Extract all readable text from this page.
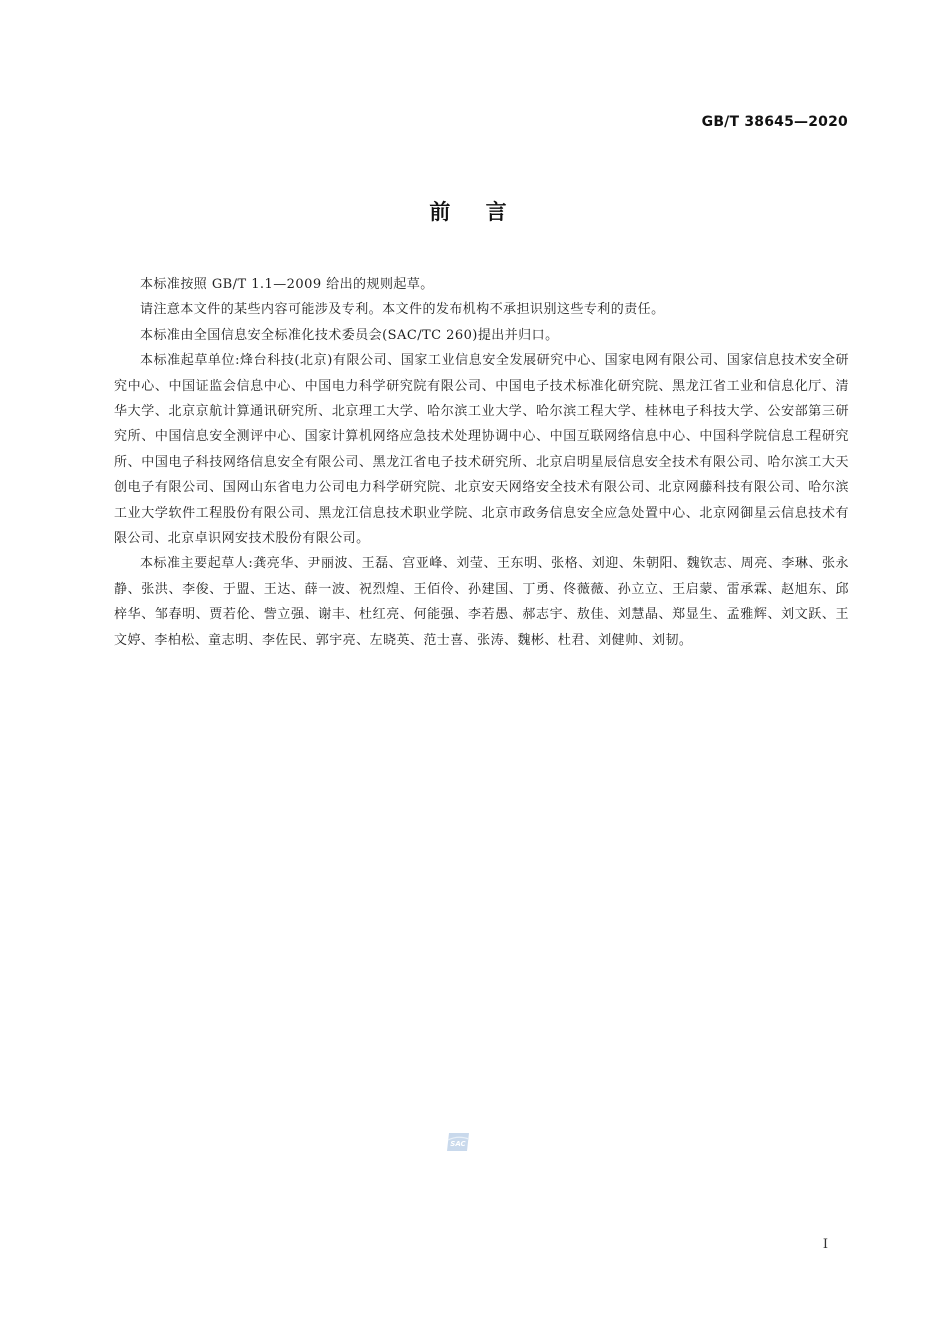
GB/T 38645—2020
前 言

本标准按照 GB/T 1.1—2009 给出的规则起草。

请注意本文件的某些内容可能涉及专利。本文件的发布机构不承担识别这些专利的责任。

本标准由全国信息安全标准化技术委员会(SAC/TC 260)提出并归口。

本标准起草单位:烽台科技(北京)有限公司、国家工业信息安全发展研究中心、国家电网有限公司、国家信息技术安全研究中心、中国证监会信息中心、中国电力科学研究院有限公司、中国电子技术标准化研究院、黑龙江省工业和信息化厅、清华大学、北京京航计算通讯研究所、北京理工大学、哈尔滨工业大学、哈尔滨工程大学、桂林电子科技大学、公安部第三研究所、中国信息安全测评中心、国家计算机网络应急技术处理协调中心、中国互联网络信息中心、中国科学院信息工程研究所、中国电子科技网络信息安全有限公司、黑龙江省电子技术研究所、北京启明星辰信息安全技术有限公司、哈尔滨工大天创电子有限公司、国网山东省电力公司电力科学研究院、北京安天网络安全技术有限公司、北京网藤科技有限公司、哈尔滨工业大学软件工程股份有限公司、黑龙江信息技术职业学院、北京市政务信息安全应急处置中心、北京网御星云信息技术有限公司、北京卓识网安技术股份有限公司。

本标准主要起草人:龚亮华、尹丽波、王磊、宫亚峰、刘莹、王东明、张格、刘迎、朱朝阳、魏钦志、周亮、李琳、张永静、张洪、李俊、于盟、王达、薛一波、祝烈煌、王佰伶、孙建国、丁勇、佟薇薇、孙立立、王启蒙、雷承霖、赵旭东、邱梓华、邹春明、贾若伦、訾立强、谢丰、杜红亮、何能强、李若愚、郝志宇、敖佳、刘慧晶、郑显生、孟雅辉、刘文跃、王文婷、李柏松、童志明、李佐民、郭宇亮、左晓英、范士喜、张涛、魏彬、杜君、刘健帅、刘韧。

SAC
I
